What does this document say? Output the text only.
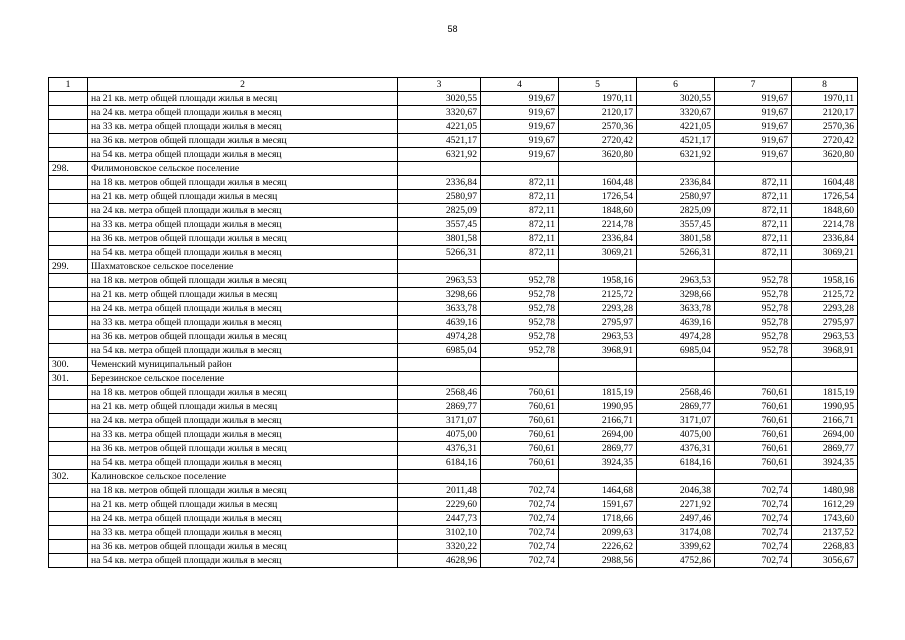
58
1	2	3	4	5	6	7	8
	на 21 кв. метр общей площади жилья в месяц	3020,55	919,67	1970,11	3020,55	919,67	1970,11
	на 24 кв. метра общей площади жилья в месяц	3320,67	919,67	2120,17	3320,67	919,67	2120,17
	на 33 кв. метра общей площади жилья в месяц	4221,05	919,67	2570,36	4221,05	919,67	2570,36
	на 36 кв. метров общей площади жилья в месяц	4521,17	919,67	2720,42	4521,17	919,67	2720,42
	на 54 кв. метра общей площади жилья в месяц	6321,92	919,67	3620,80	6321,92	919,67	3620,80
298.	Филимоновское сельское поселение						
	на 18 кв. метров общей площади жилья в месяц	2336,84	872,11	1604,48	2336,84	872,11	1604,48
	на 21 кв. метр общей площади жилья в месяц	2580,97	872,11	1726,54	2580,97	872,11	1726,54
	на 24 кв. метра общей площади жилья в месяц	2825,09	872,11	1848,60	2825,09	872,11	1848,60
	на 33 кв. метра общей площади жилья в месяц	3557,45	872,11	2214,78	3557,45	872,11	2214,78
	на 36 кв. метров общей площади жилья в месяц	3801,58	872,11	2336,84	3801,58	872,11	2336,84
	на 54 кв. метра общей площади жилья в месяц	5266,31	872,11	3069,21	5266,31	872,11	3069,21
299.	Шахматовское сельское поселение						
	на 18 кв. метров общей площади жилья в месяц	2963,53	952,78	1958,16	2963,53	952,78	1958,16
	на 21 кв. метр общей площади жилья в месяц	3298,66	952,78	2125,72	3298,66	952,78	2125,72
	на 24 кв. метра общей площади жилья в месяц	3633,78	952,78	2293,28	3633,78	952,78	2293,28
	на 33 кв. метра общей площади жилья в месяц	4639,16	952,78	2795,97	4639,16	952,78	2795,97
	на 36 кв. метров общей площади жилья в месяц	4974,28	952,78	2963,53	4974,28	952,78	2963,53
	на 54 кв. метра общей площади жилья в месяц	6985,04	952,78	3968,91	6985,04	952,78	3968,91
300.	Чеменский муниципальный район						
301.	Березинское сельское поселение						
	на 18 кв. метров общей площади жилья в месяц	2568,46	760,61	1815,19	2568,46	760,61	1815,19
	на 21 кв. метр общей площади жилья в месяц	2869,77	760,61	1990,95	2869,77	760,61	1990,95
	на 24 кв. метра общей площади жилья в месяц	3171,07	760,61	2166,71	3171,07	760,61	2166,71
	на 33 кв. метра общей площади жилья в месяц	4075,00	760,61	2694,00	4075,00	760,61	2694,00
	на 36 кв. метров общей площади жилья в месяц	4376,31	760,61	2869,77	4376,31	760,61	2869,77
	на 54 кв. метра общей площади жилья в месяц	6184,16	760,61	3924,35	6184,16	760,61	3924,35
302.	Калиновское сельское поселение						
	на 18 кв. метров общей площади жилья в месяц	2011,48	702,74	1464,68	2046,38	702,74	1480,98
	на 21 кв. метр общей площади жилья в месяц	2229,60	702,74	1591,67	2271,92	702,74	1612,29
	на 24 кв. метра общей площади жилья в месяц	2447,73	702,74	1718,66	2497,46	702,74	1743,60
	на 33 кв. метра общей площади жилья в месяц	3102,10	702,74	2099,63	3174,08	702,74	2137,52
	на 36 кв. метров общей площади жилья в месяц	3320,22	702,74	2226,62	3399,62	702,74	2268,83
	на 54 кв. метра общей площади жилья в месяц	4628,96	702,74	2988,56	4752,86	702,74	3056,67
